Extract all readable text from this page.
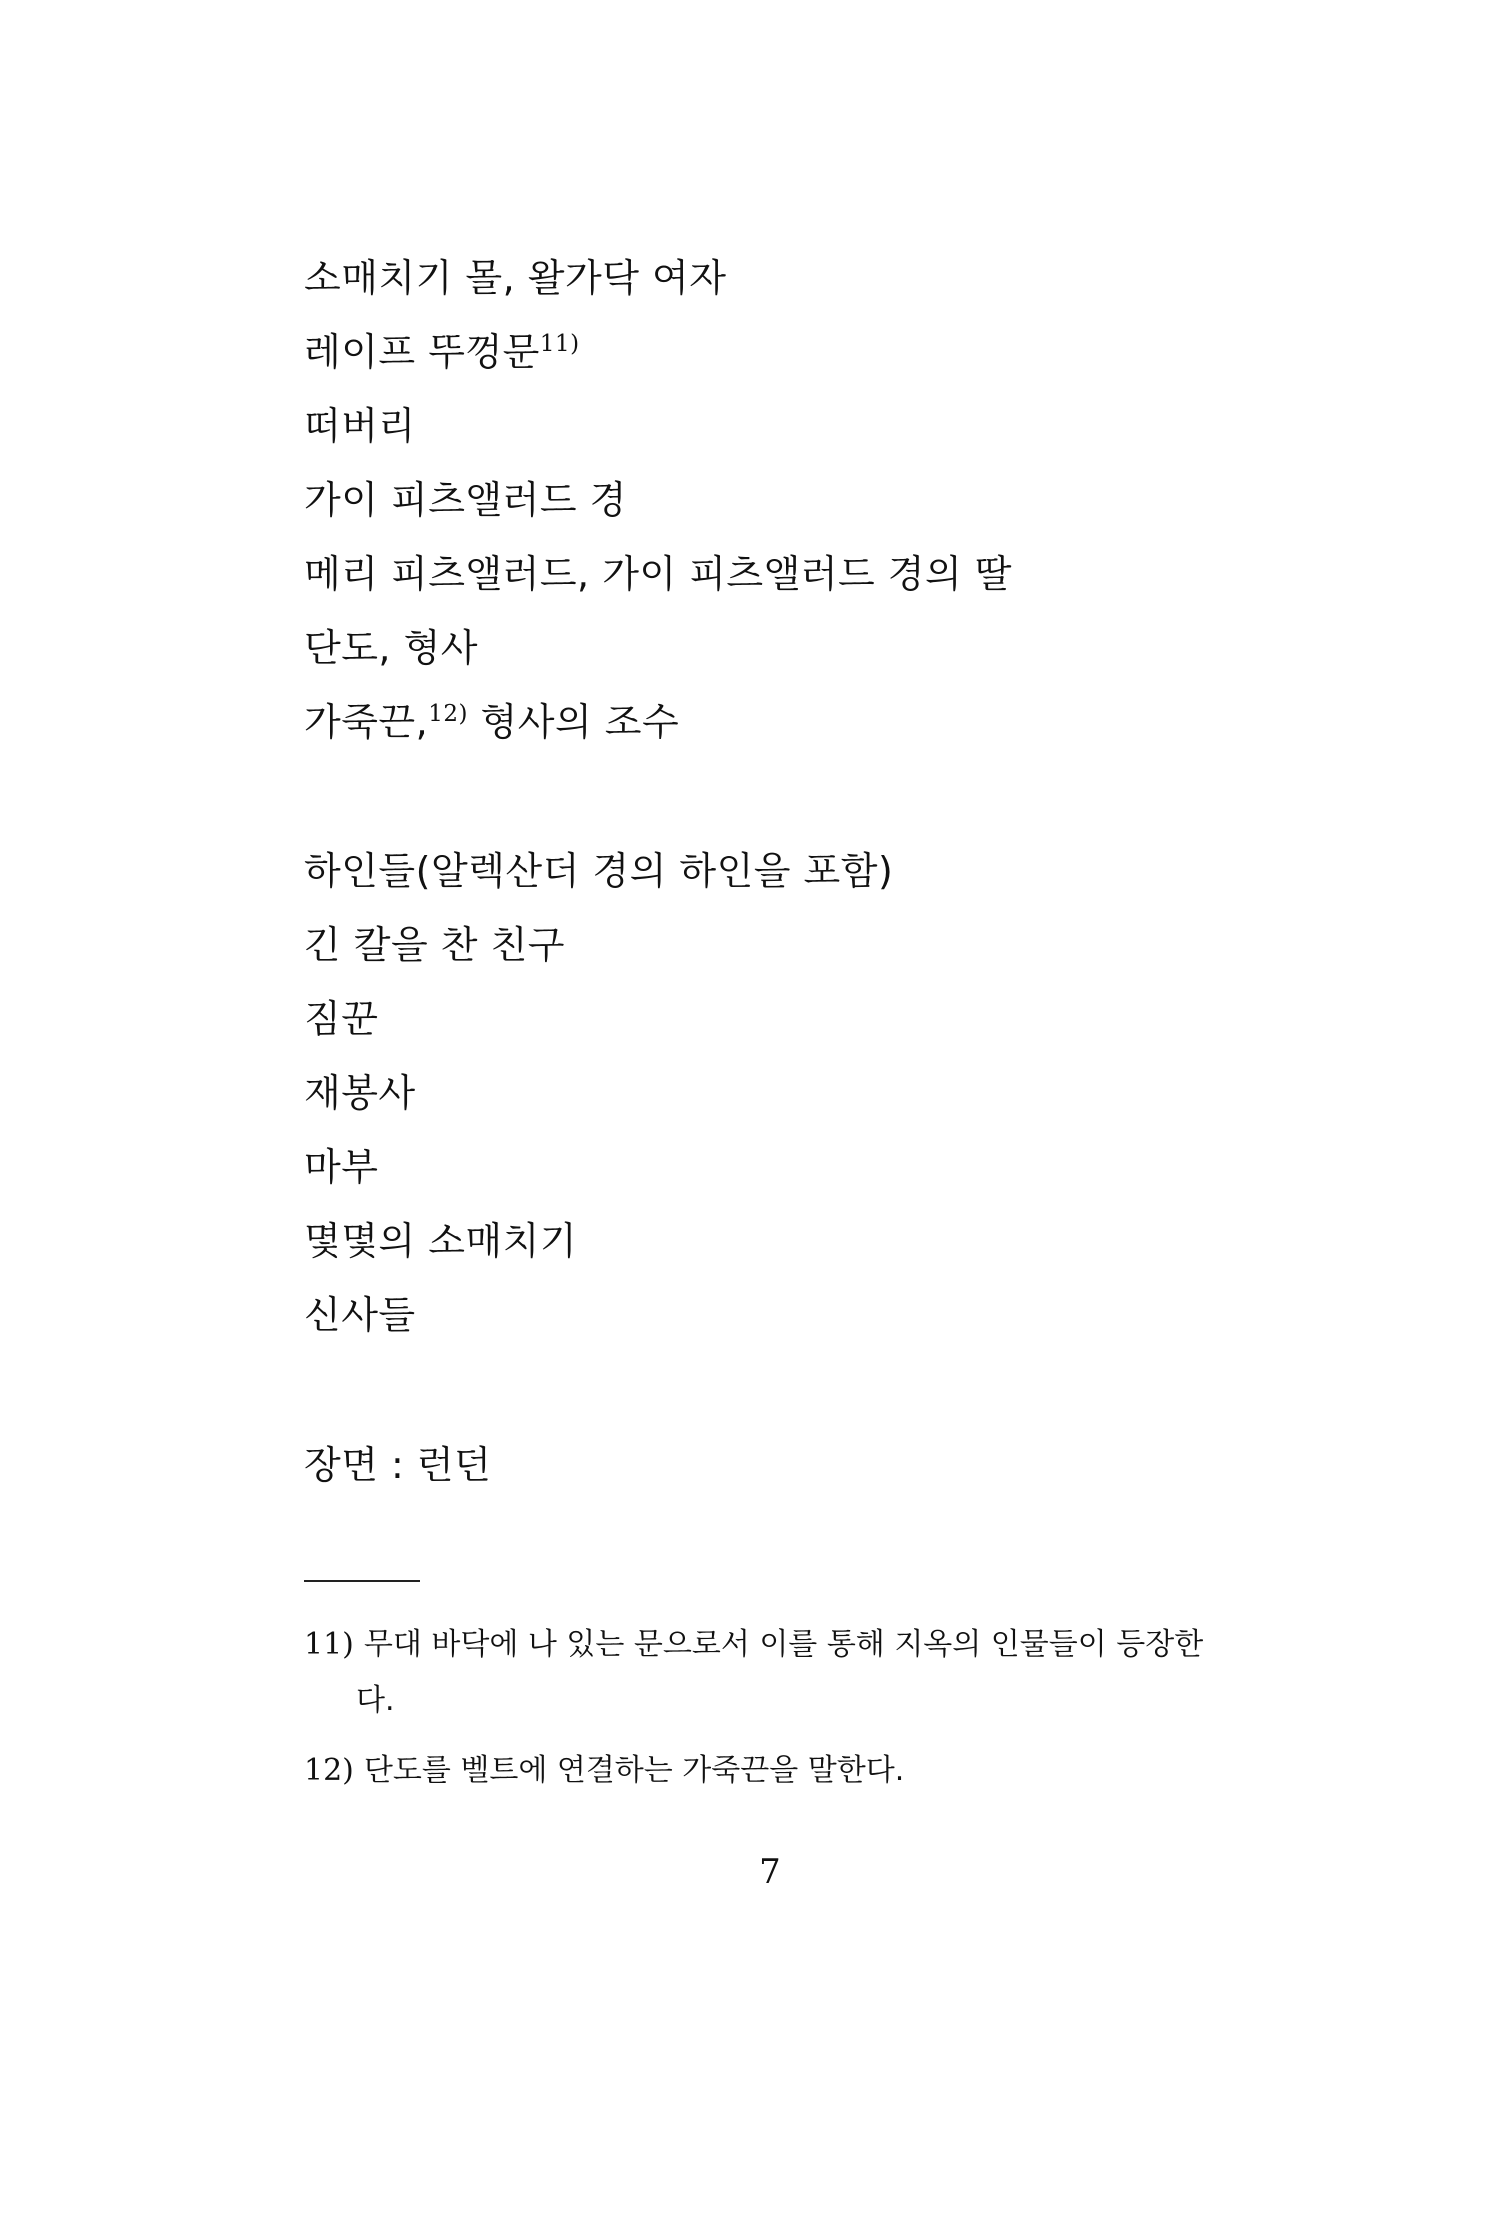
소매치기 몰, 왈가닥 여자
레이프 뚜껑문$^{11)}$
떠버리
가이 피츠앨러드 경
메리 피츠앨러드, 가이 피츠앨러드 경의 딸
단도, 형사
가죽끈,$^{12)}$ 형사의 조수
하인들(알렉산더 경의 하인을 포함)
긴 칼을 찬 친구
짐꾼
재봉사
마부
몇몇의 소매치기
신사들
장면 : 런던
11) 무대 바닥에 나 있는 문으로서 이를 통해 지옥의 인물들이 등장한
다.
12) 단도를 벨트에 연결하는 가죽끈을 말한다.
7
